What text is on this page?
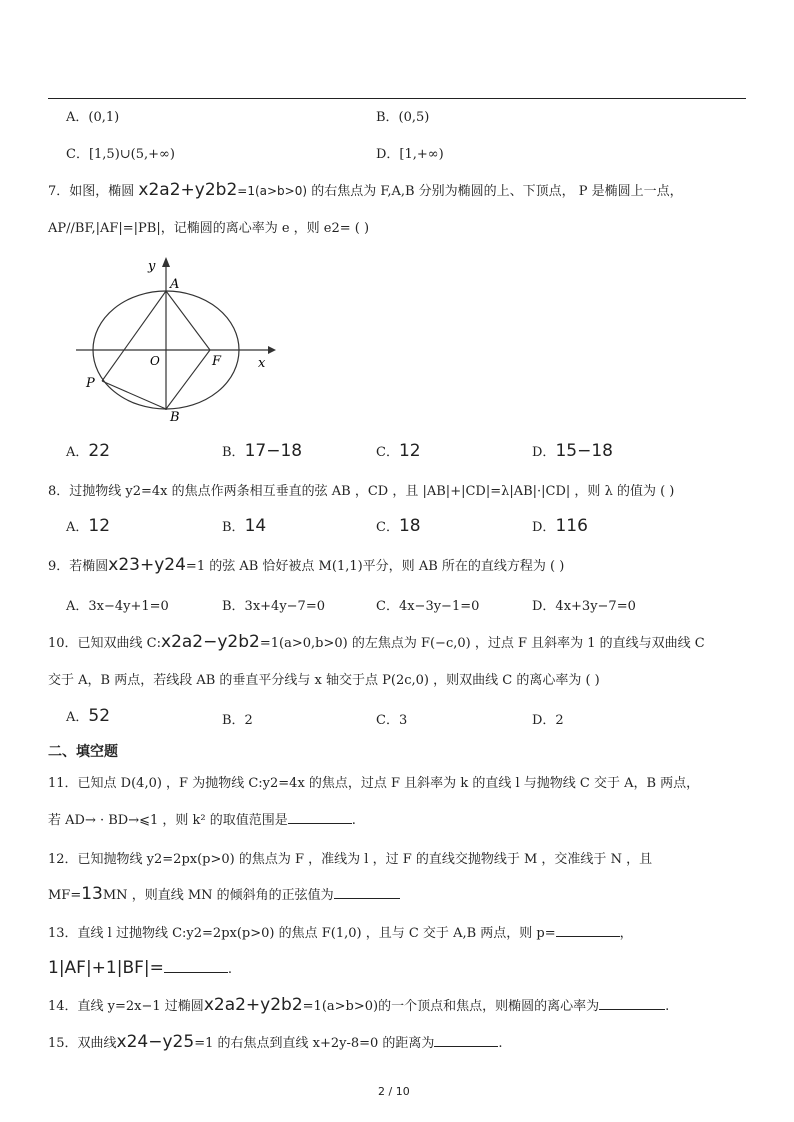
A．(0,1)	B．(0,5)
C．[1,5)∪(5,+∞)	D．[1,+∞)
7．如图，椭圆 x2a2+y2b2=1(a>b>0) 的右焦点为 F,A,B 分别为椭圆的上、下顶点， P 是椭圆上一点，
AP//BF,|AF|=|PB|，记椭圆的离心率为 e ，则 e2= ( )
y
A
O	F	x
P
B
A．22	B．17−18	C．12	D．15−18
8．过抛物线 y2=4x 的焦点作两条相互垂直的弦 AB ，CD ，且 |AB|+|CD|=λ|AB|·|CD| ，则 λ 的值为 ( )
A．12	B．14	C．18	D．116
9．若椭圆x23+y24=1 的弦 AB 恰好被点 M(1,1)平分，则 AB 所在的直线方程为 ( )
A．3x−4y+1=0	B．3x+4y−7=0	C．4x−3y−1=0	D．4x+3y−7=0
10．已知双曲线 C:x2a2−y2b2=1(a>0,b>0) 的左焦点为 F(−c,0) ，过点 F 且斜率为 1 的直线与双曲线 C
交于 A，B 两点，若线段 AB 的垂直平分线与 x 轴交于点 P(2c,0) ，则双曲线 C 的离心率为 ( )
A．52	B．2	C．3	D．2
二、填空题
11．已知点 D(4,0) ，F 为抛物线 C:y2=4x 的焦点，过点 F 且斜率为 k 的直线 l 与抛物线 C 交于 A，B 两点，
若 AD→ · BD→⩽1 ，则 k² 的取值范围是	.
12．已知抛物线 y2=2px(p>0) 的焦点为 F ，准线为 l ，过 F 的直线交抛物线于 M ，交准线于 N ，且
MF=13MN ，则直线 MN 的倾斜角的正弦值为
13．直线 l 过抛物线 C:y2=2px(p>0) 的焦点 F(1,0) ，且与 C 交于 A,B 两点，则 p=	，
1|AF|+1|BF|=	.
14．直线 y=2x−1 过椭圆x2a2+y2b2=1(a>b>0)的一个顶点和焦点，则椭圆的离心率为	.
15．双曲线x24−y25=1 的右焦点到直线 x+2y-8=0 的距离为	.
2 / 10
